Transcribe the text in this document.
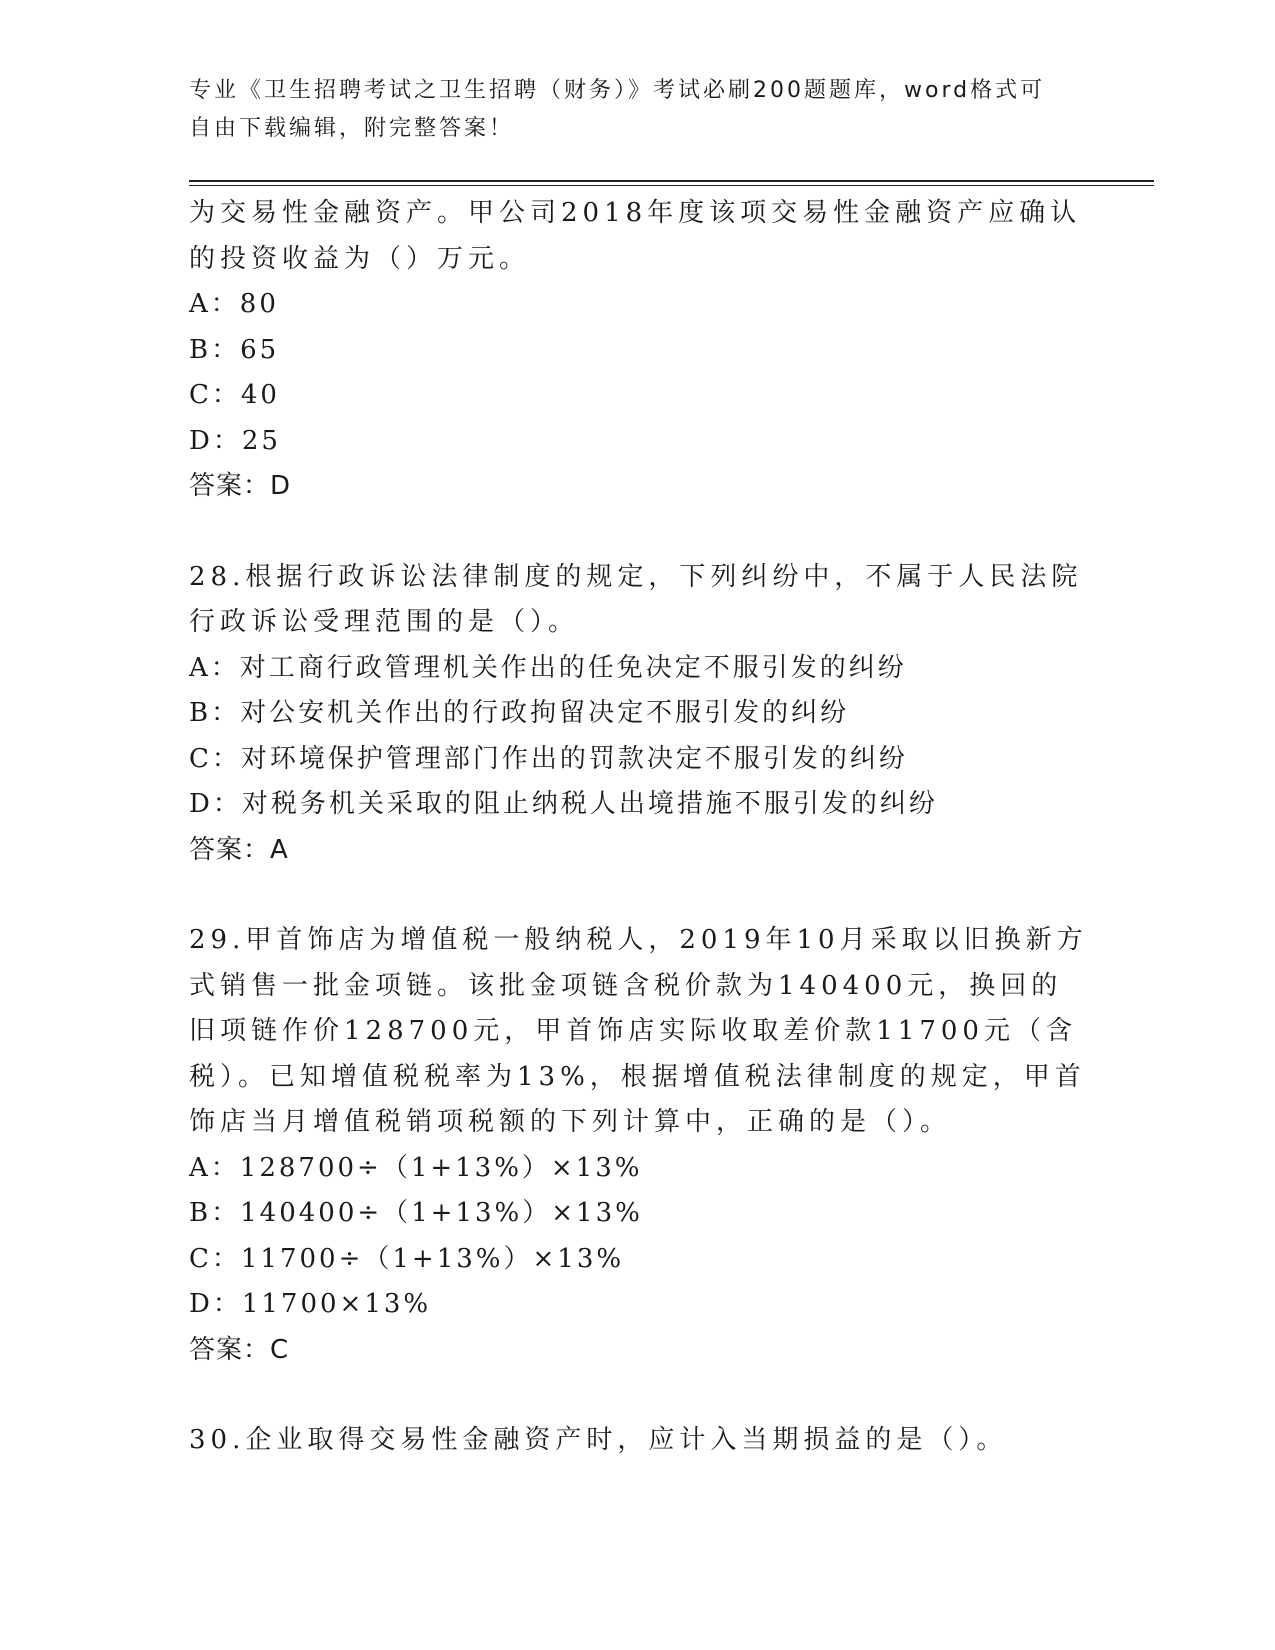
专业《卫生招聘考试之卫生招聘（财务）》考试必刷200题题库，word格式可自由下载编辑，附完整答案！

为交易性金融资产。甲公司2018年度该项交易性金融资产应确认的投资收益为（）万元。

A：80

B：65

C：40

D：25

答案：D

28.根据行政诉讼法律制度的规定，下列纠纷中，不属于人民法院行政诉讼受理范围的是（）。

A：对工商行政管理机关作出的任免决定不服引发的纠纷

B：对公安机关作出的行政拘留决定不服引发的纠纷

C：对环境保护管理部门作出的罚款决定不服引发的纠纷

D：对税务机关采取的阻止纳税人出境措施不服引发的纠纷

答案：A

29.甲首饰店为增值税一般纳税人，2019年10月采取以旧换新方式销售一批金项链。该批金项链含税价款为140400元，换回的旧项链作价128700元，甲首饰店实际收取差价款11700元（含税）。已知增值税税率为13%，根据增值税法律制度的规定，甲首饰店当月增值税销项税额的下列计算中，正确的是（）。

A：128700÷（1+13%）×13%

B：140400÷（1+13%）×13%

C：11700÷（1+13%）×13%

D：11700×13%

答案：C

30.企业取得交易性金融资产时，应计入当期损益的是（）。
